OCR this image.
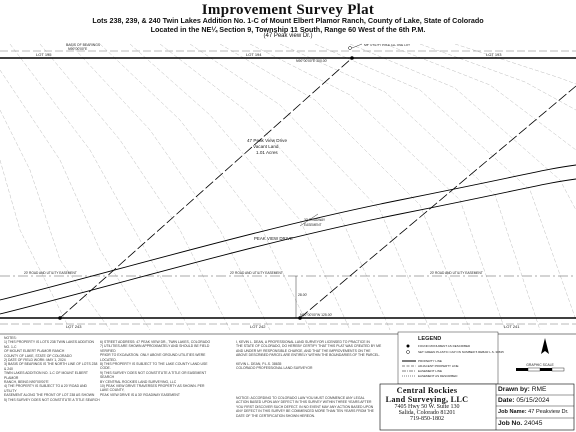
Improvement Survey Plat
Lots 238, 239, & 240 Twin Lakes Addition No. 1-C of Mount Elbert Plamor Ranch, County of Lake, State of Colorado
Located in the NE¼ Section 9, Township 11 South, Range 60 West of the 6th P.M.
(47 Peak view Dr.)
BASIS OF BEARINGS
N90°00'00"E
N90°00'00"E 300.00'
LOT 195	LOT 194	LOT 193
LOT 243	LOT 242	LOT 241
5/8" UTILITY POLE ALL ONE LOT
47 Peak View Drive
Vacant Land
1.01 Acres
PEAK VIEW DRIVE
30' ROADWAY
EASEMENT
20' ROAD AND UTILITY EASEMENT	20' ROAD AND UTILITY EASEMENT	20' ROAD AND UTILITY EASEMENT
28.00'
N90°00'00"W 125.00'
LEGEND
FOUND MONUMENT AS DESCRIBED
SET GREEN PLASTIC CAP ON NUMBER 5 REBAR L.S. 38635
PROPERTY LINE
ADJACENT PROPERTY LINE
EASEMENT LINE
EASEMENT AS DESCRIBED
GRAPHIC SCALE
NOTES:
1) THIS PROPERTY IS LOTS 238 TWIN LAKES ADDITION NO. 1-C
OF MOUNT ELBERT PLAMOR RANCH
COUNTY OF LAKE, STATE OF COLORADO
2) DATE OF FIELD WORK: MAY 1, 2024
3) BASIS OF BEARINGS IS THE NORTH LINE OF LOTS 238 & 240
TWIN LAKES ADDITION NO. 1-C OF MOUNT ELBERT PLAMOR
RANCH, BEING N90°00'00"E
4) THE PROPERTY IS SUBJECT TO A 20' ROAD AND UTILITY
EASEMENT ALONG THE FRONT OF LOT 238 AS SHOWN
5) THIS SURVEY DOES NOT CONSTITUTE A TITLE SEARCH
6) STREET ADDRESS: 47 PEAK VIEW DR., TWIN LAKES, COLORADO
7) UTILITIES ARE SHOWN APPROXIMATELY AND SHOULD BE FIELD VERIFIED
PRIOR TO EXCAVATION. ONLY ABOVE GROUND UTILITIES WERE LOCATED.
8) THIS PROPERTY IS SUBJECT TO THE LAKE COUNTY LAND USE CODE.
9) THIS SURVEY DOES NOT CONSTITUTE A TITLE OR EASEMENT SEARCH
BY CENTRAL ROCKIES LAND SURVEYING, LLC
10) PEAK VIEW DRIVE TRAVERSES PROPERTY AS SHOWN. PER LAKE COUNTY,
PEAK VIEW DRIVE IS A 30' ROADWAY EASEMENT
I, KEVIN L. DEAN, A PROFESSIONAL LAND SURVEYOR LICENSED TO PRACTICE IN
THE STATE OF COLORADO, DO HEREBY CERTIFY THAT THIS PLAT WAS CREATED BY ME
AND UNDER MY RESPONSIBLE CHARGE, AND THAT THE IMPROVEMENTS ON THE
ABOVE DESCRIBED PARCEL ARE ENTIRELY WITHIN THE BOUNDARIES OF THE PARCEL.

KEVIN L. DEAN, P.L.S. 38635
COLORADO PROFESSIONAL LAND SURVEYOR
NOTICE: ACCORDING TO COLORADO LAW YOU MUST COMMENCE ANY LEGAL ACTION BASED UPON ANY DEFECT IN THIS SURVEY WITHIN THREE YEARS AFTER YOU FIRST DISCOVER SUCH DEFECT. IN NO EVENT MAY ANY ACTION BASED UPON ANY DEFECT IN THIS SURVEY BE COMMENCED MORE THAN TEN YEARS FROM THE DATE OF THE CERTIFICATION SHOWN HEREON.
Central Rockies
Land Surveying, LLC
7405 Hwy 50 W. Suite 130
Salida, Colorado 81201
719-850-1802
Drawn by: RME
Date: 05/15/2024
Job Name: 47 Peakview Dr.
Job No. 24045
